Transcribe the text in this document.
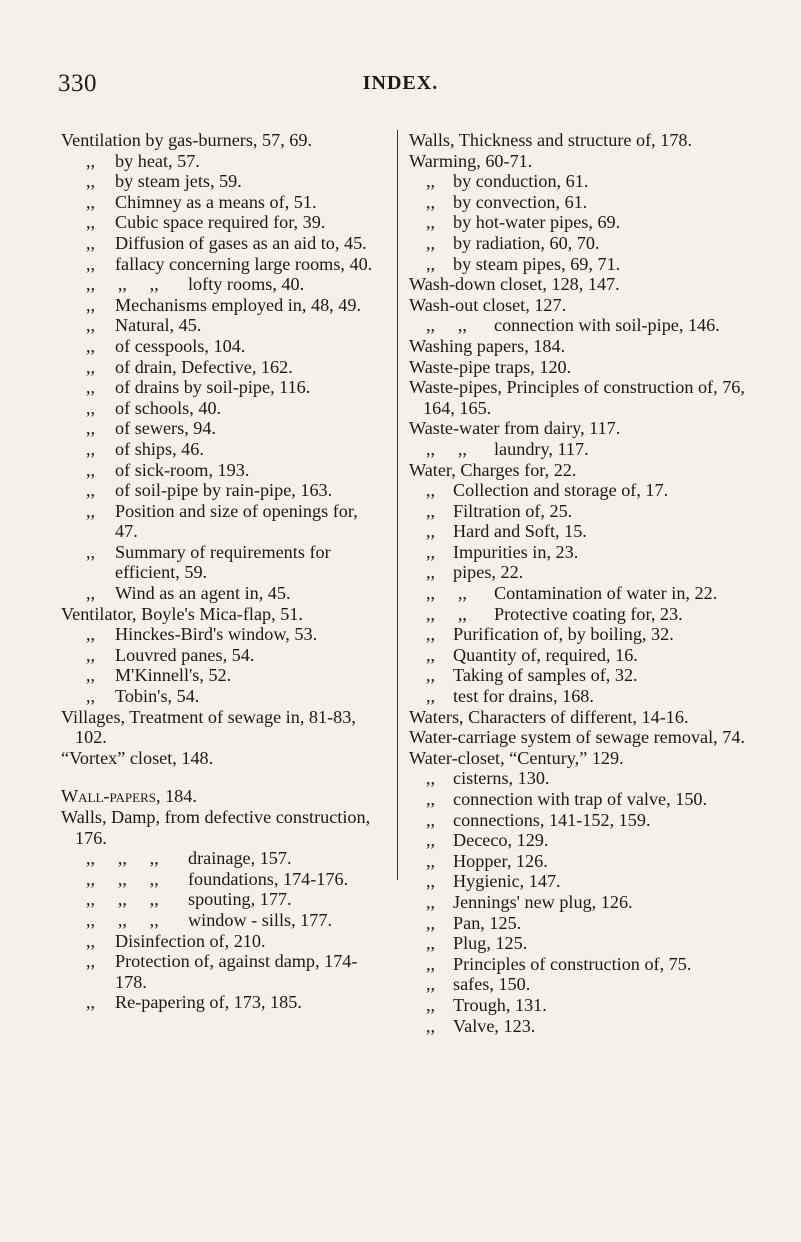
330	INDEX.
Ventilation by gas-burners, 57, 69.
,,	by heat, 57.
,,	by steam jets, 59.
,,	Chimney as a means of, 51.
,,	Cubic space required for, 39.
,,	Diffusion of gases as an aid to, 45.
,,	fallacy concerning large rooms, 40.
,,     ,,     ,,	lofty rooms, 40.
,,	Mechanisms employed in, 48, 49.
,,	Natural, 45.
,,	of cesspools, 104.
,,	of drain, Defective, 162.
,,	of drains by soil-pipe, 116.
,,	of schools, 40.
,,	of sewers, 94.
,,	of ships, 46.
,,	of sick-room, 193.
,,	of soil-pipe by rain-pipe, 163.
,,	Position and size of openings for, 47.
,,	Summary of requirements for efficient, 59.
,,	Wind as an agent in, 45.
Ventilator, Boyle's Mica-flap, 51.
,,	Hinckes-Bird's window, 53.
,,	Louvred panes, 54.
,,	M'Kinnell's, 52.
,,	Tobin's, 54.
Villages, Treatment of sewage in, 81-83, 102.
“Vortex” closet, 148.
Wall-papers, 184.
Walls, Damp, from defective construction, 176.
,,     ,,     ,,	drainage, 157.
,,     ,,     ,,	foundations, 174-176.
,,     ,,     ,,	spouting, 177.
,,     ,,     ,,	window - sills, 177.
,,	Disinfection of, 210.
,,	Protection of, against damp, 174-178.
,,	Re-papering of, 173, 185.
Walls, Thickness and structure of, 178.
Warming, 60-71.
,, by conduction, 61.
,, by convection, 61.
,, by hot-water pipes, 69.
,, by radiation, 60, 70.
,, by steam pipes, 69, 71.
Wash-down closet, 128, 147.
Wash-out closet, 127.
,,     ,,	connection with soil-pipe, 146.
Washing papers, 184.
Waste-pipe traps, 120.
Waste-pipes, Principles of construction of, 76, 164, 165.
Waste-water from dairy, 117.
,,     ,,	laundry, 117.
Water, Charges for, 22.
,, Collection and storage of, 17.
,, Filtration of, 25.
,, Hard and Soft, 15.
,, Impurities in, 23.
,, pipes, 22.
,,     ,,	Contamination of water in, 22.
,,     ,,	Protective coating for, 23.
,, Purification of, by boiling, 32.
,, Quantity of, required, 16.
,, Taking of samples of, 32.
,, test for drains, 168.
Waters, Characters of different, 14-16.
Water-carriage system of sewage removal, 74.
Water-closet, “Century,” 129.
,, cisterns, 130.
,, connection with trap of valve, 150.
,, connections, 141-152, 159.
,, Dececo, 129.
,, Hopper, 126.
,, Hygienic, 147.
,, Jennings' new plug, 126.
,, Pan, 125.
,, Plug, 125.
,, Principles of construction of, 75.
,, safes, 150.
,, Trough, 131.
,, Valve, 123.
